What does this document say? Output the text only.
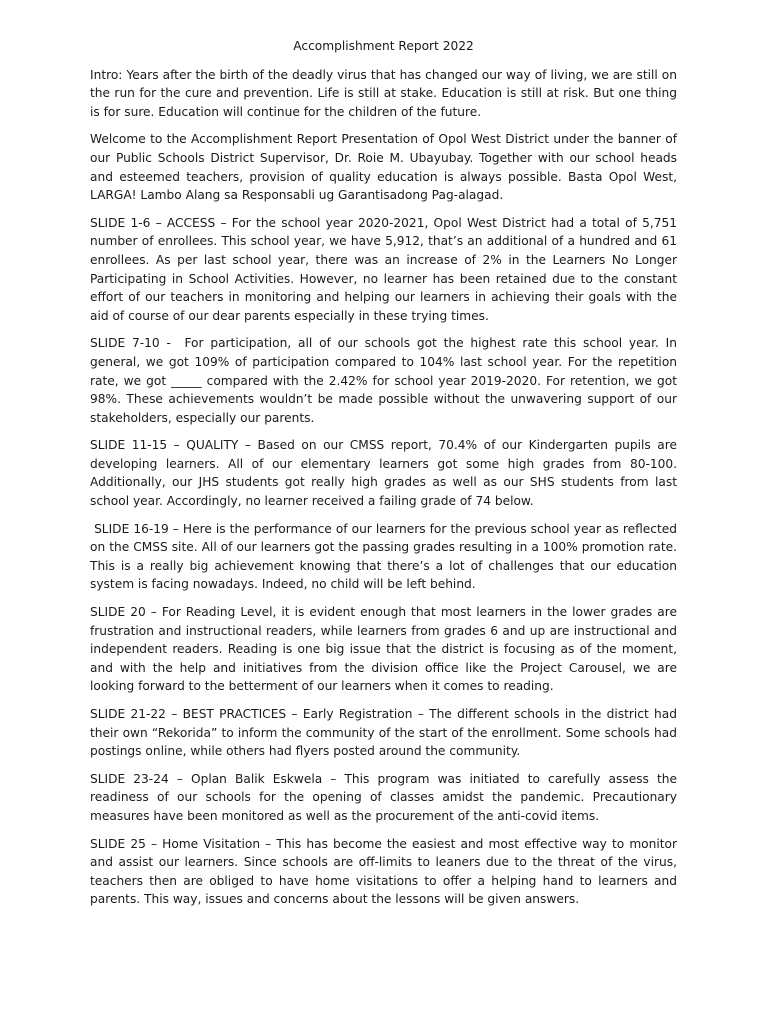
Accomplishment Report 2022

Intro: Years after the birth of the deadly virus that has changed our way of living, we are still on the run for the cure and prevention. Life is still at stake. Education is still at risk. But one thing is for sure. Education will continue for the children of the future.

Welcome to the Accomplishment Report Presentation of Opol West District under the banner of our Public Schools District Supervisor, Dr. Roie M. Ubayubay. Together with our school heads and esteemed teachers, provision of quality education is always possible. Basta Opol West, LARGA! Lambo Alang sa Responsabli ug Garantisadong Pag-alagad.

SLIDE 1-6 – ACCESS – For the school year 2020-2021, Opol West District had a total of 5,751 number of enrollees. This school year, we have 5,912, that’s an additional of a hundred and 61 enrollees. As per last school year, there was an increase of 2% in the Learners No Longer Participating in School Activities. However, no learner has been retained due to the constant effort of our teachers in monitoring and helping our learners in achieving their goals with the aid of course of our dear parents especially in these trying times.

SLIDE 7-10 -  For participation, all of our schools got the highest rate this school year. In general, we got 109% of participation compared to 104% last school year. For the repetition rate, we got _____ compared with the 2.42% for school year 2019-2020. For retention, we got 98%. These achievements wouldn’t be made possible without the unwavering support of our stakeholders, especially our parents.

SLIDE 11-15 – QUALITY – Based on our CMSS report, 70.4% of our Kindergarten pupils are developing learners. All of our elementary learners got some high grades from 80-100. Additionally, our JHS students got really high grades as well as our SHS students from last school year. Accordingly, no learner received a failing grade of 74 below.

SLIDE 16-19 – Here is the performance of our learners for the previous school year as reflected on the CMSS site. All of our learners got the passing grades resulting in a 100% promotion rate. This is a really big achievement knowing that there’s a lot of challenges that our education system is facing nowadays. Indeed, no child will be left behind.

SLIDE 20 – For Reading Level, it is evident enough that most learners in the lower grades are frustration and instructional readers, while learners from grades 6 and up are instructional and independent readers. Reading is one big issue that the district is focusing as of the moment, and with the help and initiatives from the division office like the Project Carousel, we are looking forward to the betterment of our learners when it comes to reading.

SLIDE 21-22 – BEST PRACTICES – Early Registration – The different schools in the district had their own “Rekorida” to inform the community of the start of the enrollment. Some schools had postings online, while others had flyers posted around the community.

SLIDE 23-24 – Oplan Balik Eskwela – This program was initiated to carefully assess the readiness of our schools for the opening of classes amidst the pandemic. Precautionary measures have been monitored as well as the procurement of the anti-covid items.

SLIDE 25 – Home Visitation – This has become the easiest and most effective way to monitor and assist our learners. Since schools are off-limits to leaners due to the threat of the virus, teachers then are obliged to have home visitations to offer a helping hand to learners and parents. This way, issues and concerns about the lessons will be given answers.
